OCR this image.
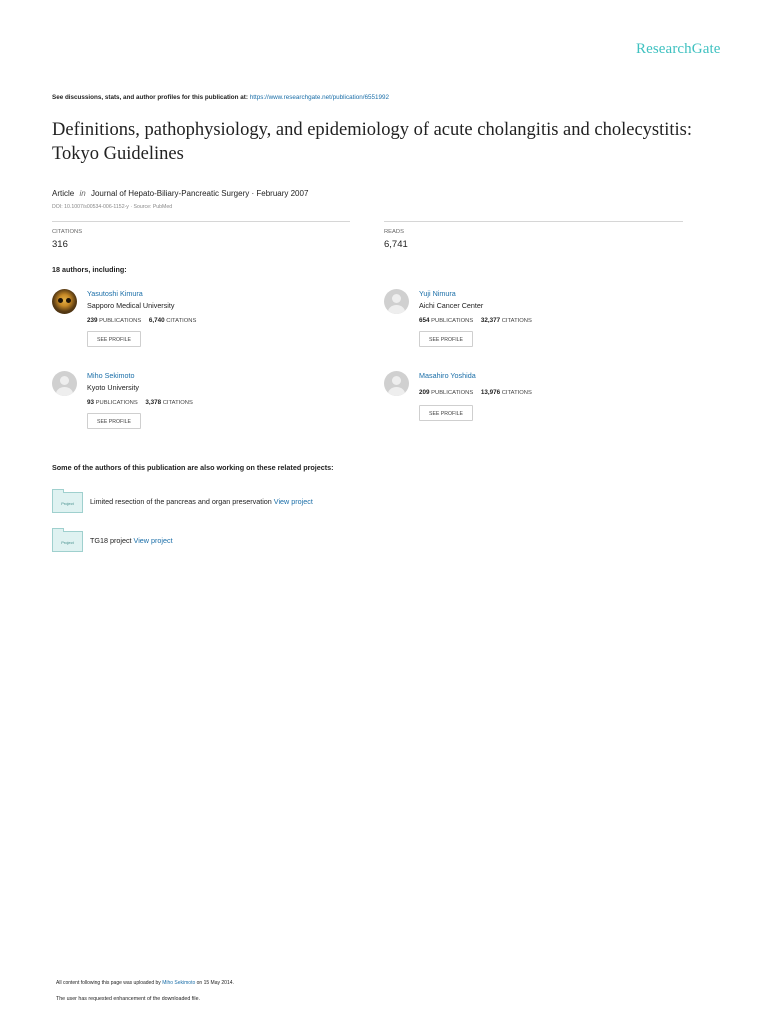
ResearchGate
See discussions, stats, and author profiles for this publication at: https://www.researchgate.net/publication/6551992
Definitions, pathophysiology, and epidemiology of acute cholangitis and cholecystitis: Tokyo Guidelines
Article in Journal of Hepato-Biliary-Pancreatic Surgery · February 2007
DOI: 10.1007/s00534-006-1152-y · Source: PubMed
CITATIONS
316
READS
6,741
18 authors, including:
Yasutoshi Kimura
Sapporo Medical University
239 PUBLICATIONS 6,740 CITATIONS
SEE PROFILE
Yuji Nimura
Aichi Cancer Center
654 PUBLICATIONS 32,377 CITATIONS
SEE PROFILE
Miho Sekimoto
Kyoto University
93 PUBLICATIONS 3,378 CITATIONS
SEE PROFILE
Masahiro Yoshida
209 PUBLICATIONS 13,976 CITATIONS
SEE PROFILE
Some of the authors of this publication are also working on these related projects:
Project	Limited resection of the pancreas and organ preservation View project
Project	TG18 project View project
All content following this page was uploaded by Miho Sekimoto on 15 May 2014.
The user has requested enhancement of the downloaded file.
